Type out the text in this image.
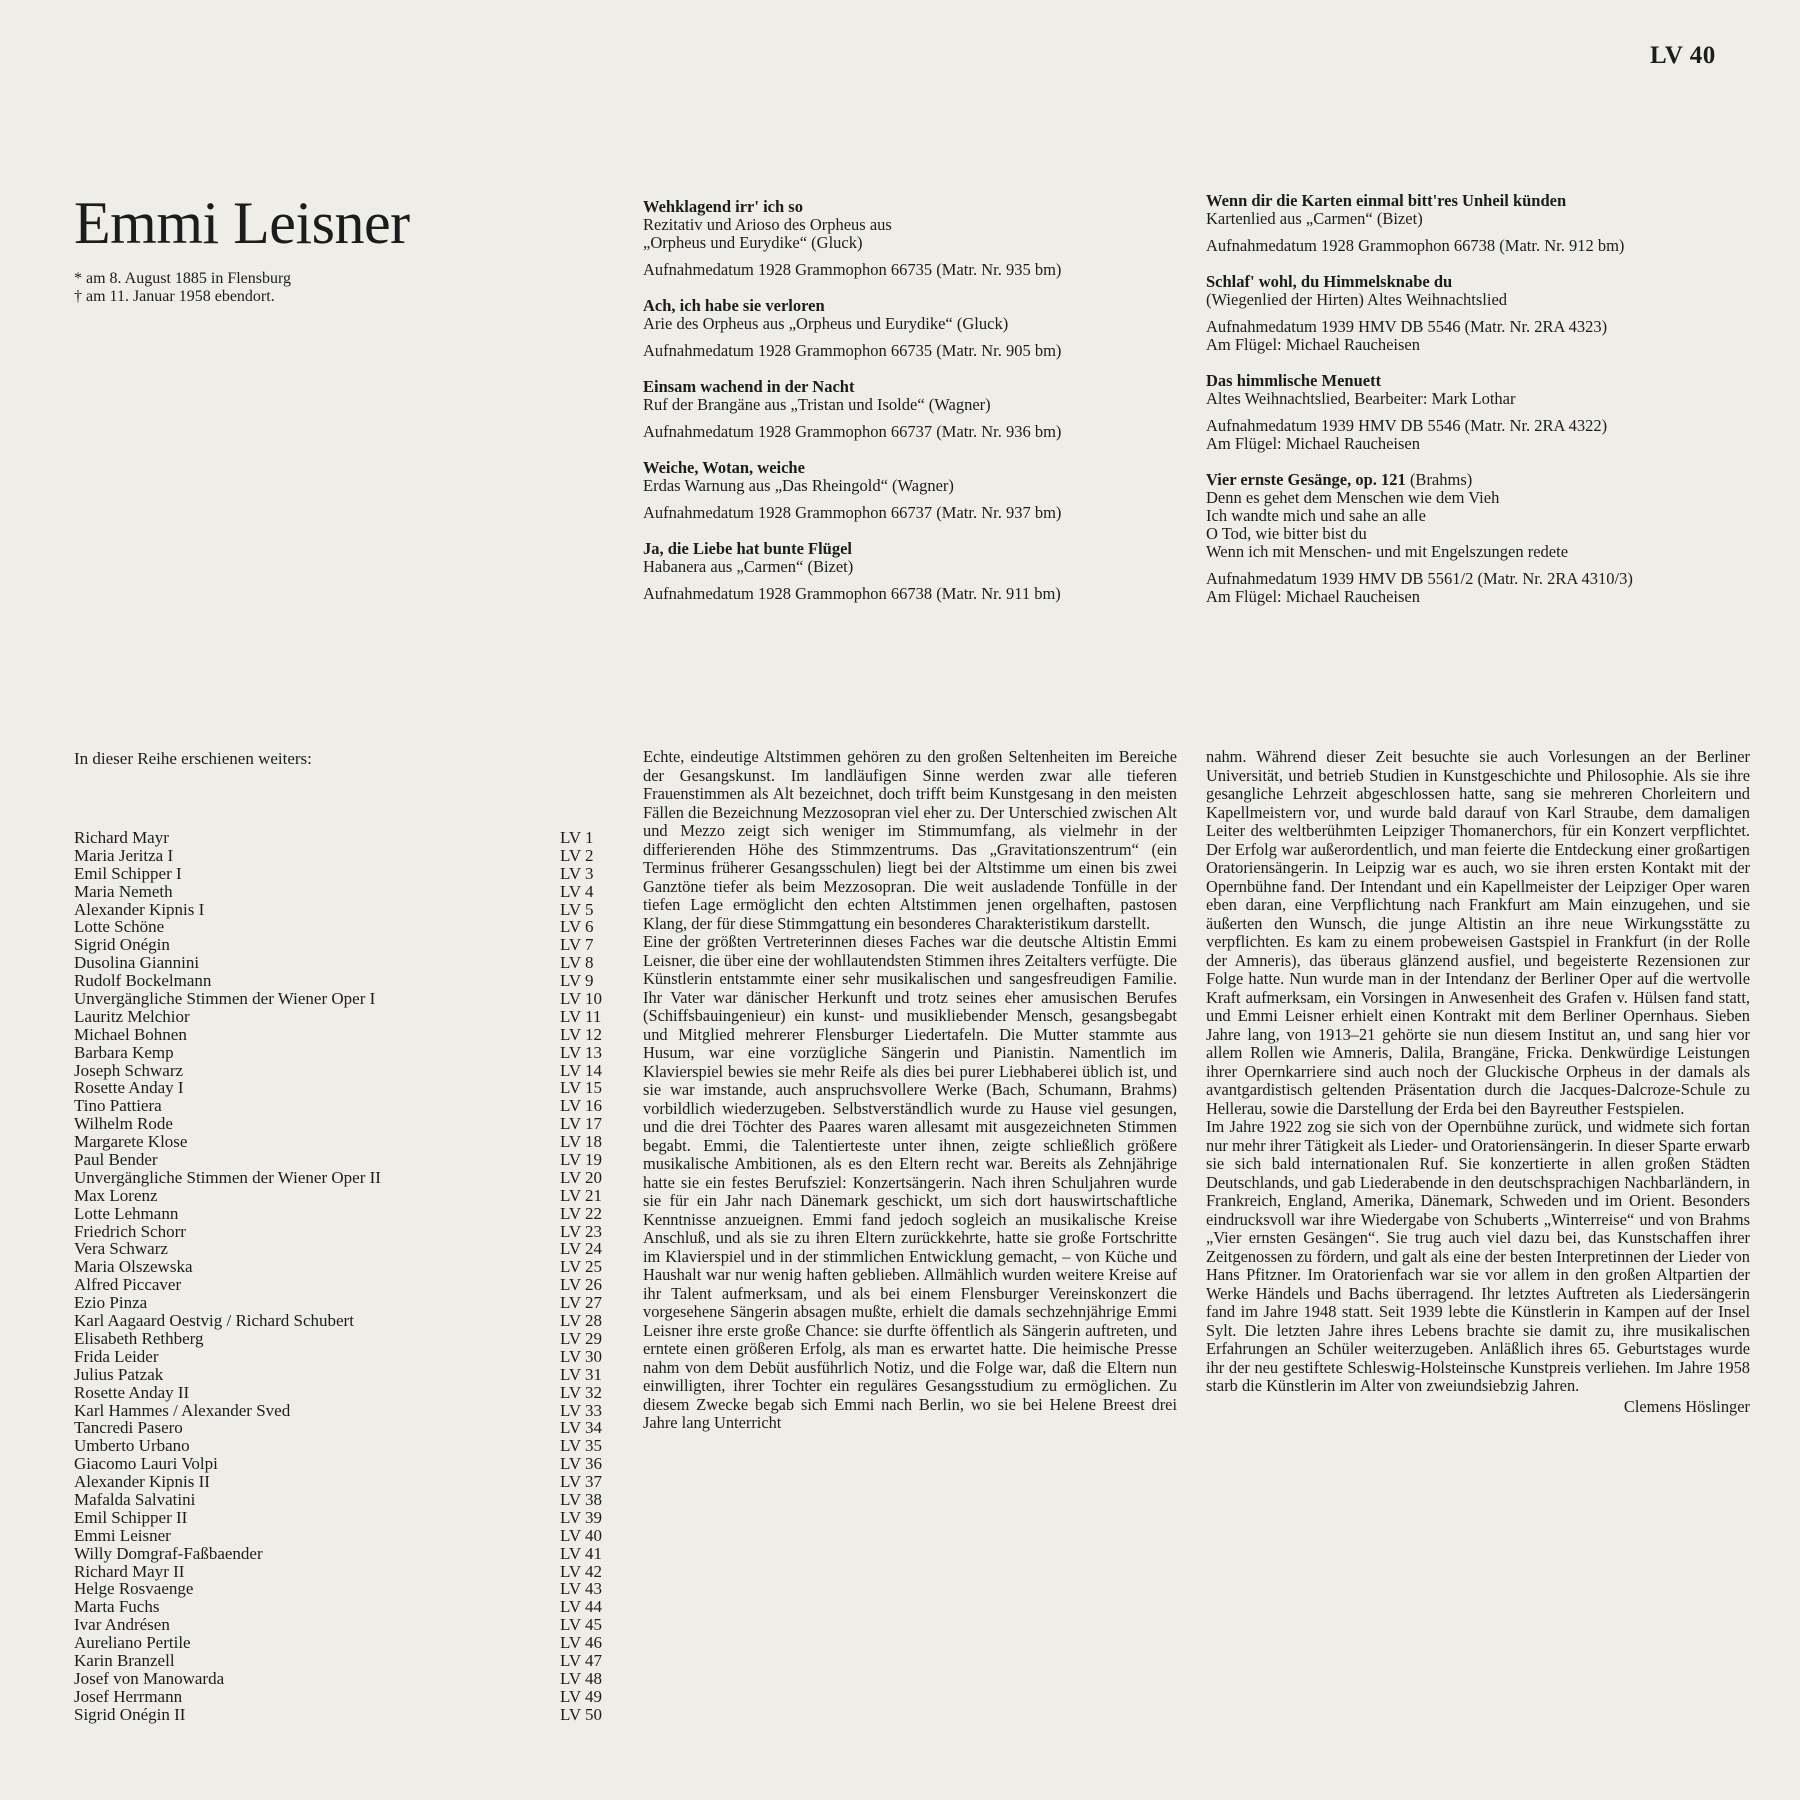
LV 40
Emmi Leisner
* am 8. August 1885 in Flensburg
† am 11. Januar 1958 ebendort.
Wehklagend irr' ich so
Rezitativ und Arioso des Orpheus aus
„Orpheus und Eurydike“ (Gluck)
Aufnahmedatum 1928 Grammophon 66735 (Matr. Nr. 935 bm)
Ach, ich habe sie verloren
Arie des Orpheus aus „Orpheus und Eurydike“ (Gluck)
Aufnahmedatum 1928 Grammophon 66735 (Matr. Nr. 905 bm)
Einsam wachend in der Nacht
Ruf der Brangäne aus „Tristan und Isolde“ (Wagner)
Aufnahmedatum 1928 Grammophon 66737 (Matr. Nr. 936 bm)
Weiche, Wotan, weiche
Erdas Warnung aus „Das Rheingold“ (Wagner)
Aufnahmedatum 1928 Grammophon 66737 (Matr. Nr. 937 bm)
Ja, die Liebe hat bunte Flügel
Habanera aus „Carmen“ (Bizet)
Aufnahmedatum 1928 Grammophon 66738 (Matr. Nr. 911 bm)
Wenn dir die Karten einmal bitt'res Unheil künden
Kartenlied aus „Carmen“ (Bizet)
Aufnahmedatum 1928 Grammophon 66738 (Matr. Nr. 912 bm)
Schlaf' wohl, du Himmelsknabe du
(Wiegenlied der Hirten) Altes Weihnachtslied
Aufnahmedatum 1939 HMV DB 5546 (Matr. Nr. 2RA 4323)
Am Flügel: Michael Raucheisen
Das himmlische Menuett
Altes Weihnachtslied, Bearbeiter: Mark Lothar
Aufnahmedatum 1939 HMV DB 5546 (Matr. Nr. 2RA 4322)
Am Flügel: Michael Raucheisen
Vier ernste Gesänge, op. 121 (Brahms)
Denn es gehet dem Menschen wie dem Vieh
Ich wandte mich und sahe an alle
O Tod, wie bitter bist du
Wenn ich mit Menschen- und mit Engelszungen redete
Aufnahmedatum 1939 HMV DB 5561/2 (Matr. Nr. 2RA 4310/3)
Am Flügel: Michael Raucheisen
In dieser Reihe erschienen weiters:
Richard Mayr	LV 1
Maria Jeritza I	LV 2
Emil Schipper I	LV 3
Maria Nemeth	LV 4
Alexander Kipnis I	LV 5
Lotte Schöne	LV 6
Sigrid Onégin	LV 7
Dusolina Giannini	LV 8
Rudolf Bockelmann	LV 9
Unvergängliche Stimmen der Wiener Oper I	LV 10
Lauritz Melchior	LV 11
Michael Bohnen	LV 12
Barbara Kemp	LV 13
Joseph Schwarz	LV 14
Rosette Anday I	LV 15
Tino Pattiera	LV 16
Wilhelm Rode	LV 17
Margarete Klose	LV 18
Paul Bender	LV 19
Unvergängliche Stimmen der Wiener Oper II	LV 20
Max Lorenz	LV 21
Lotte Lehmann	LV 22
Friedrich Schorr	LV 23
Vera Schwarz	LV 24
Maria Olszewska	LV 25
Alfred Piccaver	LV 26
Ezio Pinza	LV 27
Karl Aagaard Oestvig / Richard Schubert	LV 28
Elisabeth Rethberg	LV 29
Frida Leider	LV 30
Julius Patzak	LV 31
Rosette Anday II	LV 32
Karl Hammes / Alexander Sved	LV 33
Tancredi Pasero	LV 34
Umberto Urbano	LV 35
Giacomo Lauri Volpi	LV 36
Alexander Kipnis II	LV 37
Mafalda Salvatini	LV 38
Emil Schipper II	LV 39
Emmi Leisner	LV 40
Willy Domgraf-Faßbaender	LV 41
Richard Mayr II	LV 42
Helge Rosvaenge	LV 43
Marta Fuchs	LV 44
Ivar Andrésen	LV 45
Aureliano Pertile	LV 46
Karin Branzell	LV 47
Josef von Manowarda	LV 48
Josef Herrmann	LV 49
Sigrid Onégin II	LV 50

Echte, eindeutige Altstimmen gehören zu den großen Seltenheiten im Bereiche der Gesangskunst. Im landläufigen Sinne werden zwar alle tieferen Frauenstimmen als Alt bezeichnet, doch trifft beim Kunstgesang in den meisten Fällen die Bezeichnung Mezzosopran viel eher zu. Der Unterschied zwischen Alt und Mezzo zeigt sich weniger im Stimmumfang, als vielmehr in der differierenden Höhe des Stimmzentrums. Das „Gravitationszentrum“ (ein Terminus früherer Gesangsschulen) liegt bei der Altstimme um einen bis zwei Ganztöne tiefer als beim Mezzosopran. Die weit ausladende Tonfülle in der tiefen Lage ermöglicht den echten Altstimmen jenen orgelhaften, pastosen Klang, der für diese Stimmgattung ein besonderes Charakteristikum darstellt.

Eine der größten Vertreterinnen dieses Faches war die deutsche Altistin Emmi Leisner, die über eine der wohllautendsten Stimmen ihres Zeitalters verfügte. Die Künstlerin entstammte einer sehr musikalischen und sangesfreudigen Familie. Ihr Vater war dänischer Herkunft und trotz seines eher amusischen Berufes (Schiffsbauingenieur) ein kunst- und musikliebender Mensch, gesangsbegabt und Mitglied mehrerer Flensburger Liedertafeln. Die Mutter stammte aus Husum, war eine vorzügliche Sängerin und Pianistin. Namentlich im Klavierspiel bewies sie mehr Reife als dies bei purer Liebhaberei üblich ist, und sie war imstande, auch anspruchsvollere Werke (Bach, Schumann, Brahms) vorbildlich wiederzugeben. Selbstverständlich wurde zu Hause viel gesungen, und die drei Töchter des Paares waren allesamt mit ausgezeichneten Stimmen begabt. Emmi, die Talentierteste unter ihnen, zeigte schließlich größere musikalische Ambitionen, als es den Eltern recht war. Bereits als Zehnjährige hatte sie ein festes Berufsziel: Konzertsängerin. Nach ihren Schuljahren wurde sie für ein Jahr nach Dänemark geschickt, um sich dort hauswirtschaftliche Kenntnisse anzueignen. Emmi fand jedoch sogleich an musikalische Kreise Anschluß, und als sie zu ihren Eltern zurückkehrte, hatte sie große Fortschritte im Klavierspiel und in der stimmlichen Entwicklung gemacht, – von Küche und Haushalt war nur wenig haften geblieben. Allmählich wurden weitere Kreise auf ihr Talent aufmerksam, und als bei einem Flensburger Vereinskonzert die vorgesehene Sängerin absagen mußte, erhielt die damals sechzehnjährige Emmi Leisner ihre erste große Chance: sie durfte öffentlich als Sängerin auftreten, und erntete einen größeren Erfolg, als man es erwartet hatte. Die heimische Presse nahm von dem Debüt ausführlich Notiz, und die Folge war, daß die Eltern nun einwilligten, ihrer Tochter ein reguläres Gesangsstudium zu ermöglichen. Zu diesem Zwecke begab sich Emmi nach Berlin, wo sie bei Helene Breest drei Jahre lang Unterricht

nahm. Während dieser Zeit besuchte sie auch Vorlesungen an der Berliner Universität, und betrieb Studien in Kunstgeschichte und Philosophie. Als sie ihre gesangliche Lehrzeit abgeschlossen hatte, sang sie mehreren Chorleitern und Kapellmeistern vor, und wurde bald darauf von Karl Straube, dem damaligen Leiter des weltberühmten Leipziger Thomanerchors, für ein Konzert verpflichtet. Der Erfolg war außerordentlich, und man feierte die Entdeckung einer großartigen Oratoriensängerin. In Leipzig war es auch, wo sie ihren ersten Kontakt mit der Opernbühne fand. Der Intendant und ein Kapellmeister der Leipziger Oper waren eben daran, eine Verpflichtung nach Frankfurt am Main einzugehen, und sie äußerten den Wunsch, die junge Altistin an ihre neue Wirkungsstätte zu verpflichten. Es kam zu einem probeweisen Gastspiel in Frankfurt (in der Rolle der Amneris), das überaus glänzend ausfiel, und begeisterte Rezensionen zur Folge hatte. Nun wurde man in der Intendanz der Berliner Oper auf die wertvolle Kraft aufmerksam, ein Vorsingen in Anwesenheit des Grafen v. Hülsen fand statt, und Emmi Leisner erhielt einen Kontrakt mit dem Berliner Opernhaus. Sieben Jahre lang, von 1913–21 gehörte sie nun diesem Institut an, und sang hier vor allem Rollen wie Amneris, Dalila, Brangäne, Fricka. Denkwürdige Leistungen ihrer Opernkarriere sind auch noch der Gluckische Orpheus in der damals als avantgardistisch geltenden Präsentation durch die Jacques-Dalcroze-Schule zu Hellerau, sowie die Darstellung der Erda bei den Bayreuther Festspielen.

Im Jahre 1922 zog sie sich von der Opernbühne zurück, und widmete sich fortan nur mehr ihrer Tätigkeit als Lieder- und Oratoriensängerin. In dieser Sparte erwarb sie sich bald internationalen Ruf. Sie konzertierte in allen großen Städten Deutschlands, und gab Liederabende in den deutschsprachigen Nachbarländern, in Frankreich, England, Amerika, Dänemark, Schweden und im Orient. Besonders eindrucksvoll war ihre Wiedergabe von Schuberts „Winterreise“ und von Brahms „Vier ernsten Gesängen“. Sie trug auch viel dazu bei, das Kunstschaffen ihrer Zeitgenossen zu fördern, und galt als eine der besten Interpretinnen der Lieder von Hans Pfitzner. Im Oratorienfach war sie vor allem in den großen Altpartien der Werke Händels und Bachs überragend. Ihr letztes Auftreten als Liedersängerin fand im Jahre 1948 statt. Seit 1939 lebte die Künstlerin in Kampen auf der Insel Sylt. Die letzten Jahre ihres Lebens brachte sie damit zu, ihre musikalischen Erfahrungen an Schüler weiterzugeben. Anläßlich ihres 65. Geburtstages wurde ihr der neu gestiftete Schleswig-Holsteinsche Kunstpreis verliehen. Im Jahre 1958 starb die Künstlerin im Alter von zweiundsiebzig Jahren.

Clemens Höslinger
